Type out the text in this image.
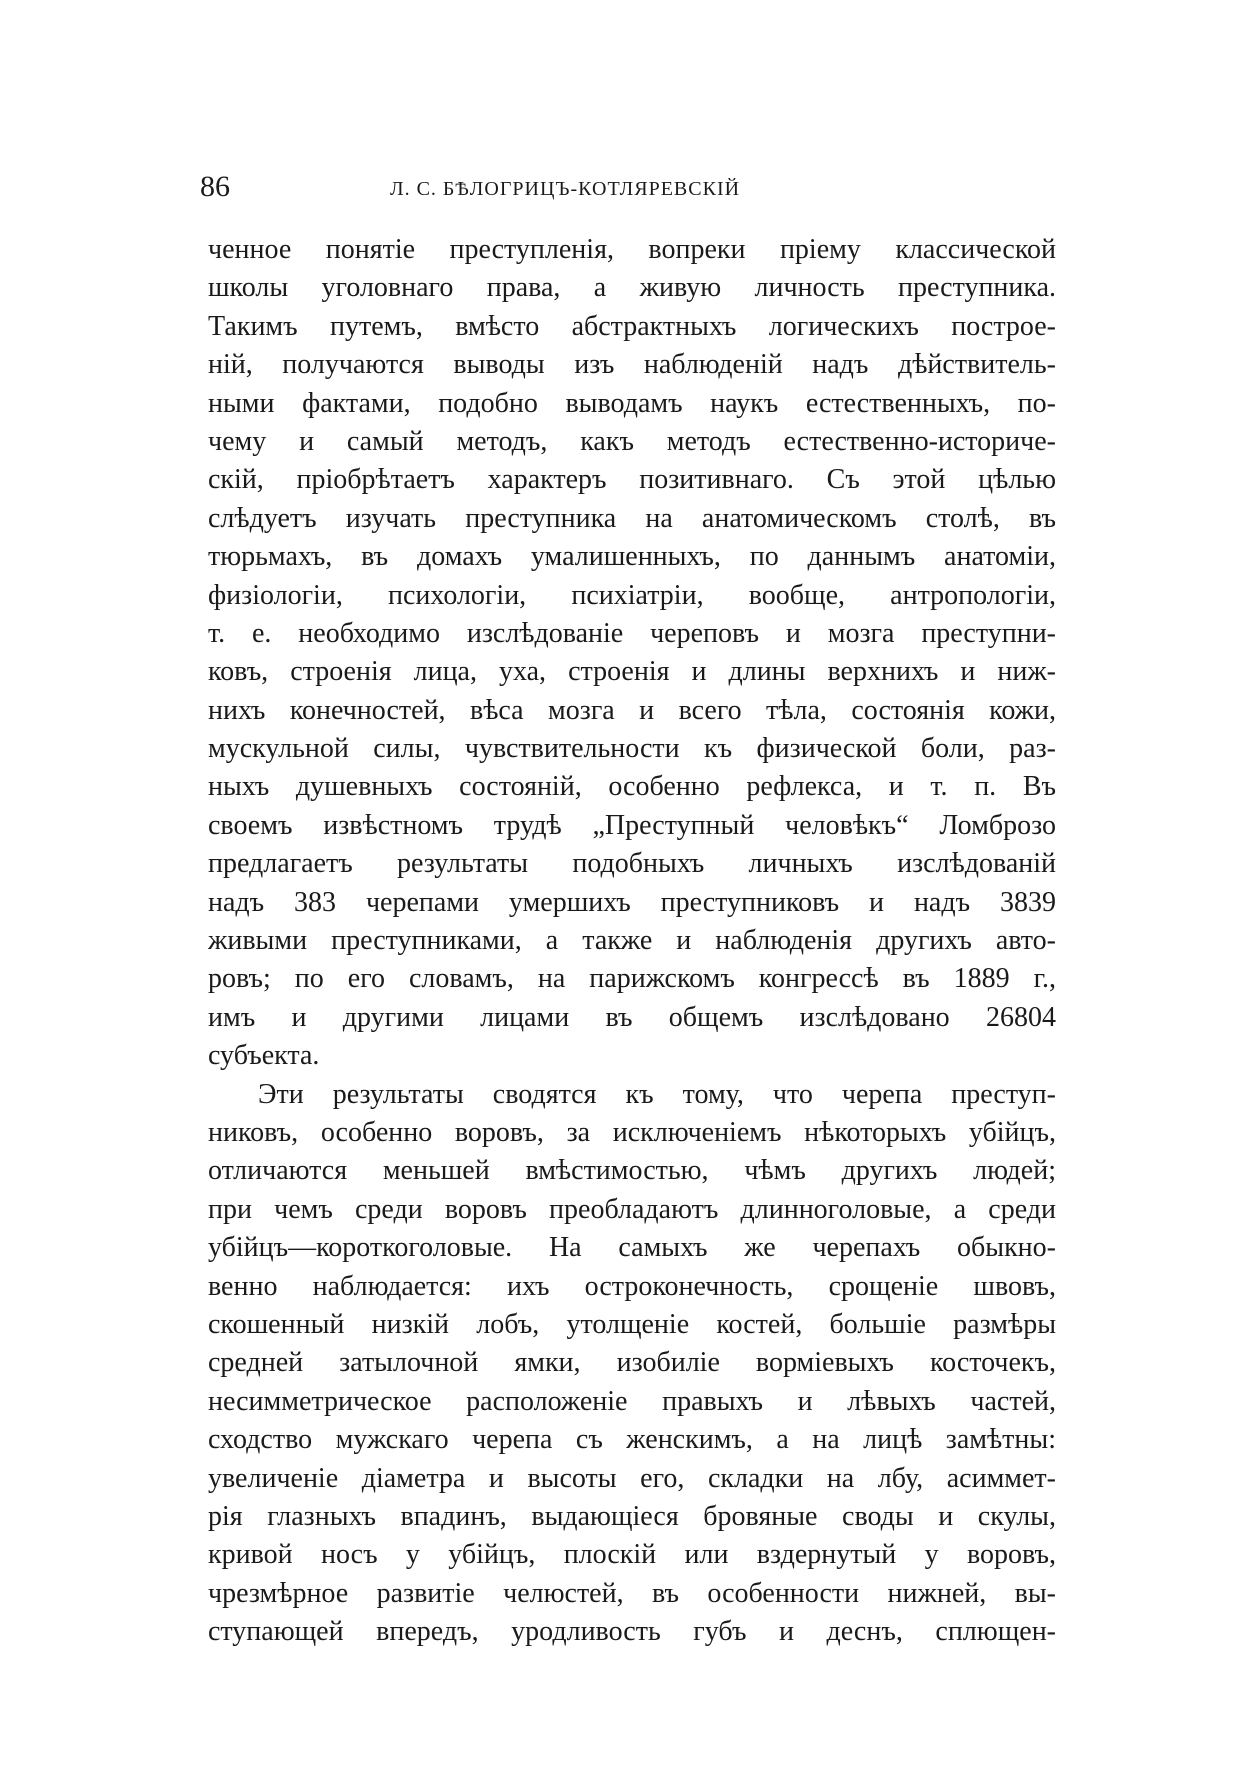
86	Л. С. БѢЛОГРИЦЪ-КОТЛЯРЕВСКІЙ
ченное понятіе преступленія, вопреки пріему классической
школы уголовнаго права, а живую личность преступника.
Такимъ путемъ, вмѣсто абстрактныхъ логическихъ построе-
ній, получаются выводы изъ наблюденій надъ дѣйствитель-
ными фактами, подобно выводамъ наукъ естественныхъ, по-
чему и самый методъ, какъ методъ естественно-историче-
скій, пріобрѣтаетъ характеръ позитивнаго. Съ этой цѣлью
слѣдуетъ изучать преступника на анатомическомъ столѣ, въ
тюрьмахъ, въ домахъ умалишенныхъ, по даннымъ анатоміи,
физіологіи, психологіи, психіатріи, вообще, антропологіи,
т. е. необходимо изслѣдованіе череповъ и мозга преступни-
ковъ, строенія лица, уха, строенія и длины верхнихъ и ниж-
нихъ конечностей, вѣса мозга и всего тѣла, состоянія кожи,
мускульной силы, чувствительности къ физической боли, раз-
ныхъ душевныхъ состояній, особенно рефлекса, и т. п. Въ
своемъ извѣстномъ трудѣ „Преступный человѣкъ“ Ломброзо
предлагаетъ результаты подобныхъ личныхъ изслѣдованій
надъ 383 черепами умершихъ преступниковъ и надъ 3839
живыми преступниками, а также и наблюденія другихъ авто-
ровъ; по его словамъ, на парижскомъ конгрессѣ въ 1889 г.,
имъ и другими лицами въ общемъ изслѣдовано 26804
субъекта.
Эти результаты сводятся къ тому, что черепа преступ-
никовъ, особенно воровъ, за исключеніемъ нѣкоторыхъ убійцъ,
отличаются меньшей вмѣстимостью, чѣмъ другихъ людей;
при чемъ среди воровъ преобладаютъ длинноголовые, а среди
убійцъ—короткоголовые. На самыхъ же черепахъ обыкно-
венно наблюдается: ихъ остроконечность, срощеніе швовъ,
скошенный низкій лобъ, утолщеніе костей, большіе размѣры
средней затылочной ямки, изобиліе ворміевыхъ косточекъ,
несимметрическое расположеніе правыхъ и лѣвыхъ частей,
сходство мужскаго черепа съ женскимъ, а на лицѣ замѣтны:
увеличеніе діаметра и высоты его, складки на лбу, асиммет-
рія глазныхъ впадинъ, выдающіеся бровяные своды и скулы,
кривой носъ у убійцъ, плоскій или вздернутый у воровъ,
чрезмѣрное развитіе челюстей, въ особенности нижней, вы-
ступающей впередъ, уродливость губъ и деснъ, сплющен-
